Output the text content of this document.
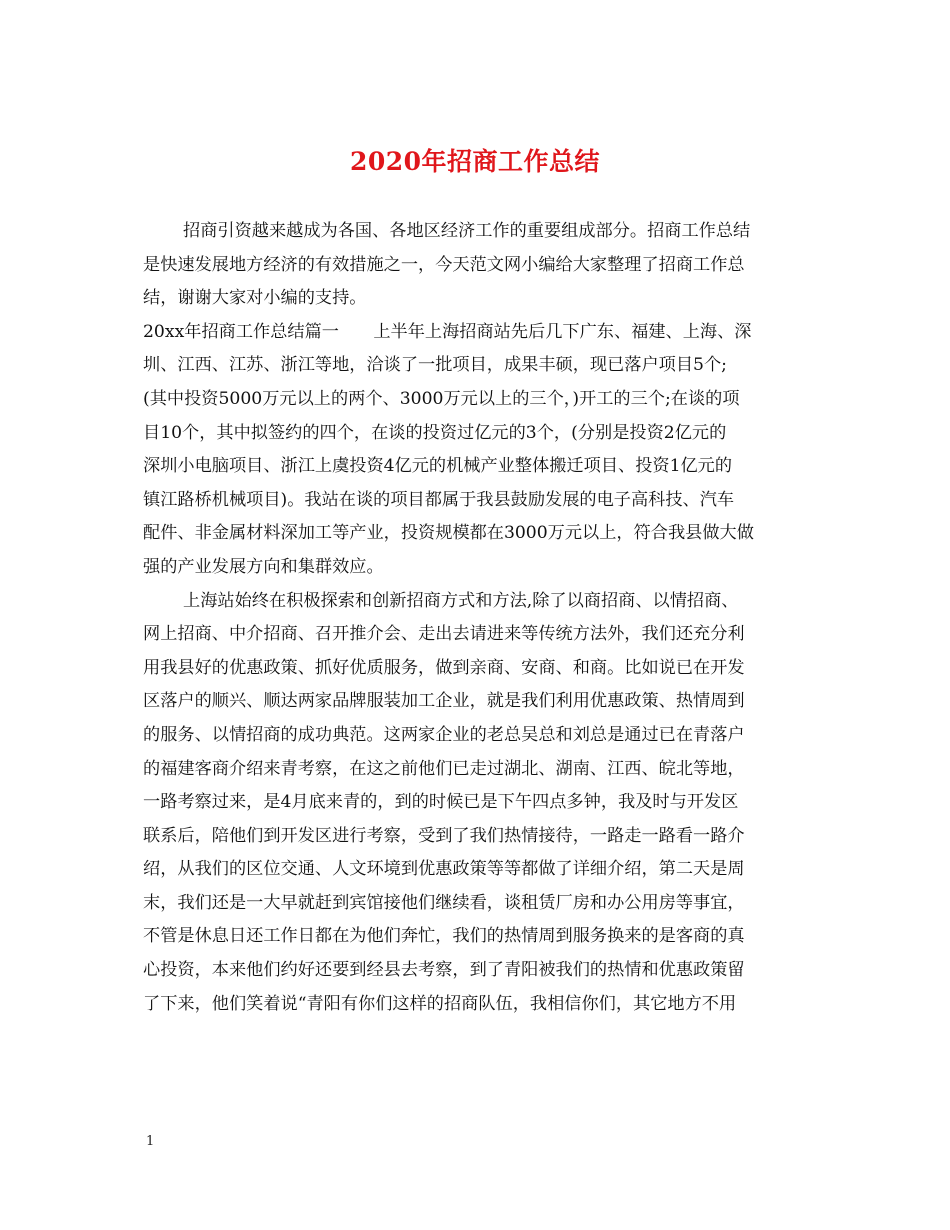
2020年招商工作总结
招商引资越来越成为各国、各地区经济工作的重要组成部分。招商工作总结
是快速发展地方经济的有效措施之一，今天范文网小编给大家整理了招商工作总
结，谢谢大家对小编的支持。
20xx年招商工作总结篇一　　上半年上海招商站先后几下广东、福建、上海、深
圳、江西、江苏、浙江等地，洽谈了一批项目，成果丰硕，现已落户项目5个;
(其中投资5000万元以上的两个、3000万元以上的三个，)开工的三个;在谈的项
目10个，其中拟签约的四个，在谈的投资过亿元的3个，(分别是投资2亿元的
深圳小电脑项目、浙江上虞投资4亿元的机械产业整体搬迁项目、投资1亿元的
镇江路桥机械项目)。我站在谈的项目都属于我县鼓励发展的电子高科技、汽车
配件、非金属材料深加工等产业，投资规模都在3000万元以上，符合我县做大做
强的产业发展方向和集群效应。
上海站始终在积极探索和创新招商方式和方法,除了以商招商、以情招商、
网上招商、中介招商、召开推介会、走出去请进来等传统方法外，我们还充分利
用我县好的优惠政策、抓好优质服务，做到亲商、安商、和商。比如说已在开发
区落户的顺兴、顺达两家品牌服装加工企业，就是我们利用优惠政策、热情周到
的服务、以情招商的成功典范。这两家企业的老总吴总和刘总是通过已在青落户
的福建客商介绍来青考察，在这之前他们已走过湖北、湖南、江西、皖北等地，
一路考察过来，是4月底来青的，到的时候已是下午四点多钟，我及时与开发区
联系后，陪他们到开发区进行考察，受到了我们热情接待，一路走一路看一路介
绍，从我们的区位交通、人文环境到优惠政策等等都做了详细介绍，第二天是周
末，我们还是一大早就赶到宾馆接他们继续看，谈租赁厂房和办公用房等事宜，
不管是休息日还工作日都在为他们奔忙，我们的热情周到服务换来的是客商的真
心投资，本来他们约好还要到经县去考察，到了青阳被我们的热情和优惠政策留
了下来，他们笑着说“青阳有你们这样的招商队伍，我相信你们，其它地方不用
1
